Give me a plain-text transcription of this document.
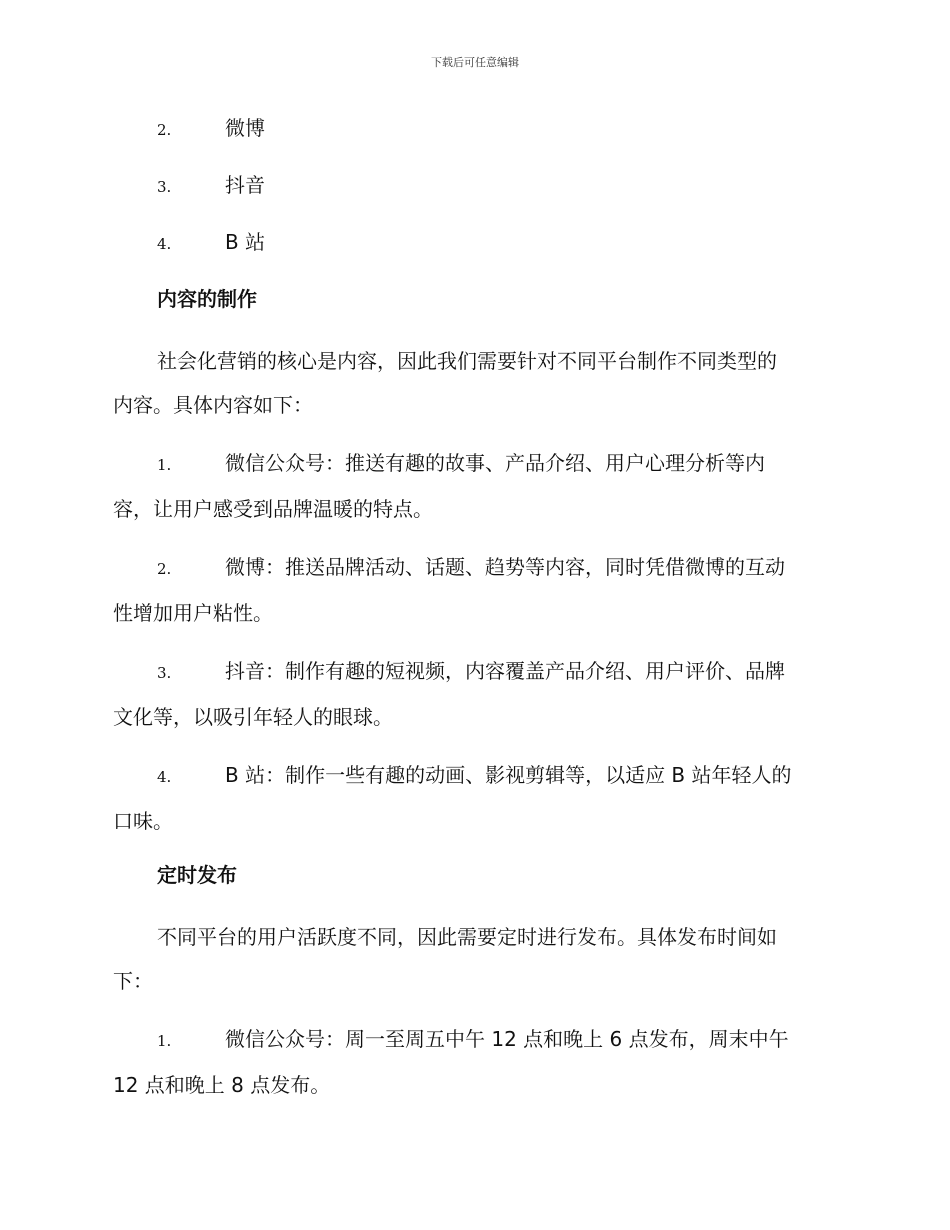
下载后可任意编辑
2.	微博
3.	抖音
4.	B 站
内容的制作
社会化营销的核心是内容，因此我们需要针对不同平台制作不同类型的
内容。具体内容如下：
1.	微信公众号：推送有趣的故事、产品介绍、用户心理分析等内
容，让用户感受到品牌温暖的特点。
2.	微博：推送品牌活动、话题、趋势等内容，同时凭借微博的互动
性增加用户粘性。
3.	抖音：制作有趣的短视频，内容覆盖产品介绍、用户评价、品牌
文化等，以吸引年轻人的眼球。
4.	B 站：制作一些有趣的动画、影视剪辑等，以适应 B 站年轻人的
口味。
定时发布
不同平台的用户活跃度不同，因此需要定时进行发布。具体发布时间如
下：
1.	微信公众号：周一至周五中午 12 点和晚上 6 点发布，周末中午
12 点和晚上 8 点发布。
